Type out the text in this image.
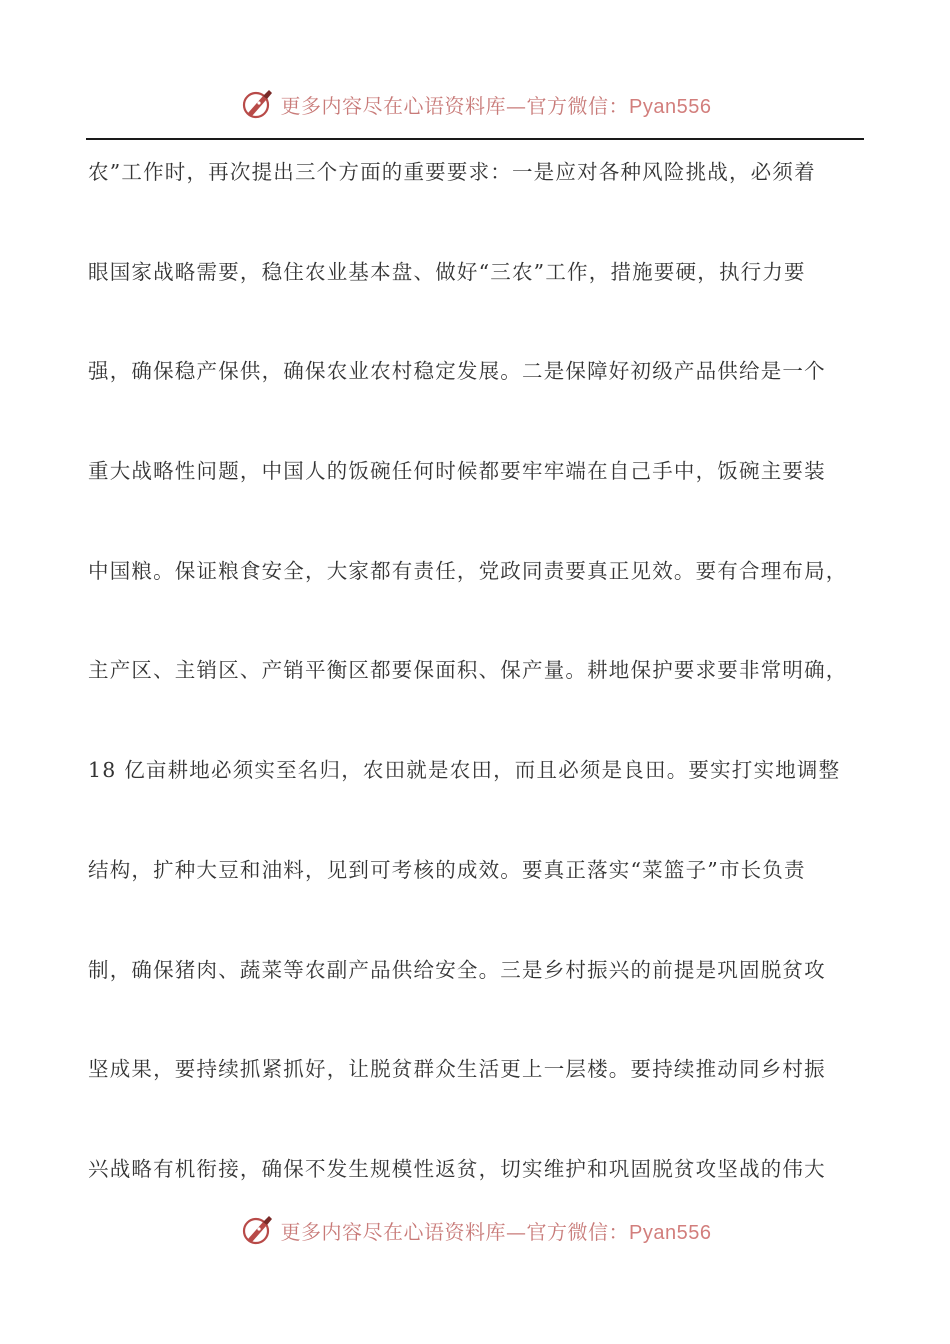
更多内容尽在心语资料库—官方微信：Pyan556
农”工作时，再次提出三个方面的重要要求：一是应对各种风险挑战，必须着
眼国家战略需要，稳住农业基本盘、做好“三农”工作，措施要硬，执行力要
强，确保稳产保供，确保农业农村稳定发展。二是保障好初级产品供给是一个
重大战略性问题，中国人的饭碗任何时候都要牢牢端在自己手中，饭碗主要装
中国粮。保证粮食安全，大家都有责任，党政同责要真正见效。要有合理布局，
主产区、主销区、产销平衡区都要保面积、保产量。耕地保护要求要非常明确，
18 亿亩耕地必须实至名归，农田就是农田，而且必须是良田。要实打实地调整
结构，扩种大豆和油料，见到可考核的成效。要真正落实“菜篮子”市长负责
制，确保猪肉、蔬菜等农副产品供给安全。三是乡村振兴的前提是巩固脱贫攻
坚成果，要持续抓紧抓好，让脱贫群众生活更上一层楼。要持续推动同乡村振
兴战略有机衔接，确保不发生规模性返贫，切实维护和巩固脱贫攻坚战的伟大
更多内容尽在心语资料库—官方微信：Pyan556
